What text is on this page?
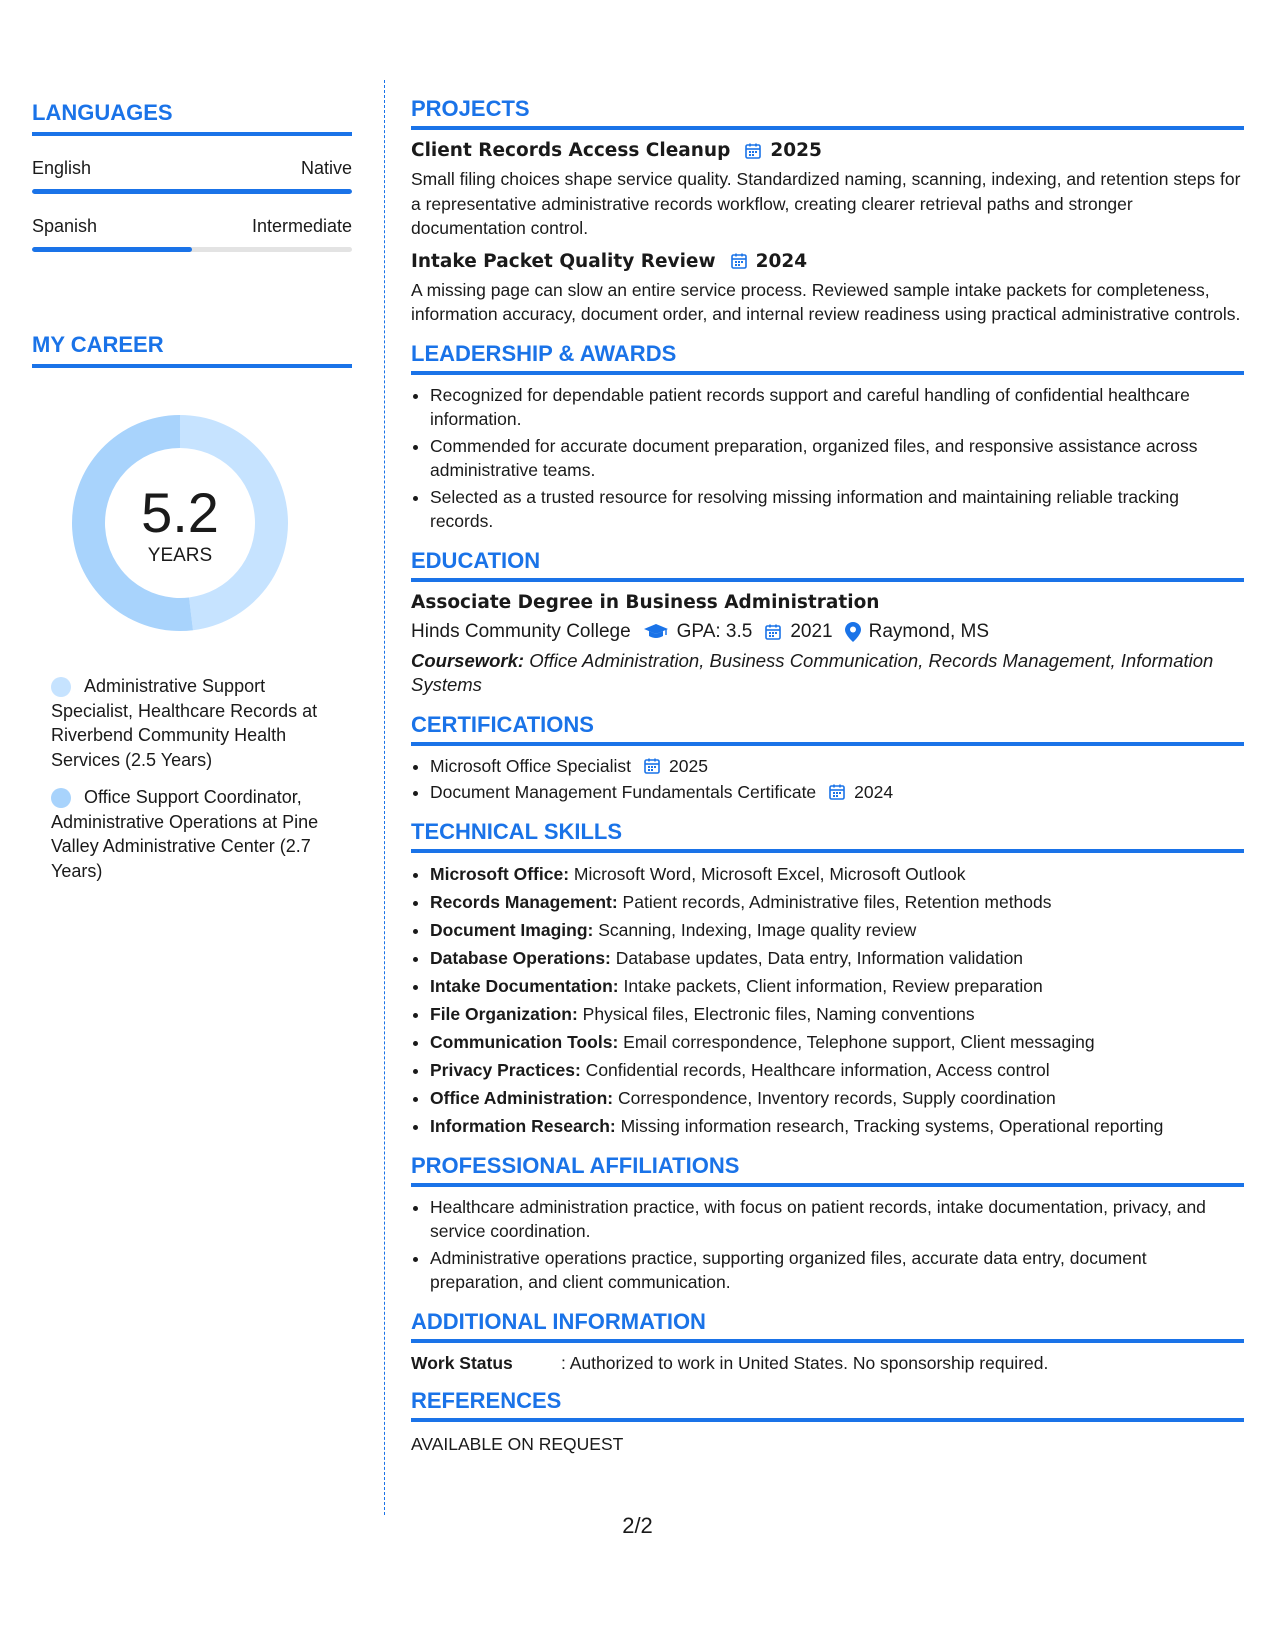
LANGUAGES
English	Native
Spanish	Intermediate
MY CAREER
5.2
YEARS
Administrative Support Specialist, Healthcare Records at Riverbend Community Health Services (2.5 Years)
Office Support Coordinator, Administrative Operations at Pine Valley Administrative Center (2.7 Years)
PROJECTS
Client Records Access Cleanup 2025
Small filing choices shape service quality. Standardized naming, scanning, indexing, and retention steps for a representative administrative records workflow, creating clearer retrieval paths and stronger documentation control.
Intake Packet Quality Review 2024
A missing page can slow an entire service process. Reviewed sample intake packets for completeness, information accuracy, document order, and internal review readiness using practical administrative controls.
LEADERSHIP & AWARDS
• Recognized for dependable patient records support and careful handling of confidential healthcare information.
• Commended for accurate document preparation, organized files, and responsive assistance across administrative teams.
• Selected as a trusted resource for resolving missing information and maintaining reliable tracking records.
EDUCATION
Associate Degree in Business Administration
Hinds Community College GPA: 3.5 2021 Raymond, MS
Coursework: Office Administration, Business Communication, Records Management, Information Systems
CERTIFICATIONS
• Microsoft Office Specialist 2025
• Document Management Fundamentals Certificate 2024
TECHNICAL SKILLS
• Microsoft Office: Microsoft Word, Microsoft Excel, Microsoft Outlook
• Records Management: Patient records, Administrative files, Retention methods
• Document Imaging: Scanning, Indexing, Image quality review
• Database Operations: Database updates, Data entry, Information validation
• Intake Documentation: Intake packets, Client information, Review preparation
• File Organization: Physical files, Electronic files, Naming conventions
• Communication Tools: Email correspondence, Telephone support, Client messaging
• Privacy Practices: Confidential records, Healthcare information, Access control
• Office Administration: Correspondence, Inventory records, Supply coordination
• Information Research: Missing information research, Tracking systems, Operational reporting
PROFESSIONAL AFFILIATIONS
• Healthcare administration practice, with focus on patient records, intake documentation, privacy, and service coordination.
• Administrative operations practice, supporting organized files, accurate data entry, document preparation, and client communication.
ADDITIONAL INFORMATION
Work Status	: Authorized to work in United States. No sponsorship required.
REFERENCES
AVAILABLE ON REQUEST
2/2
